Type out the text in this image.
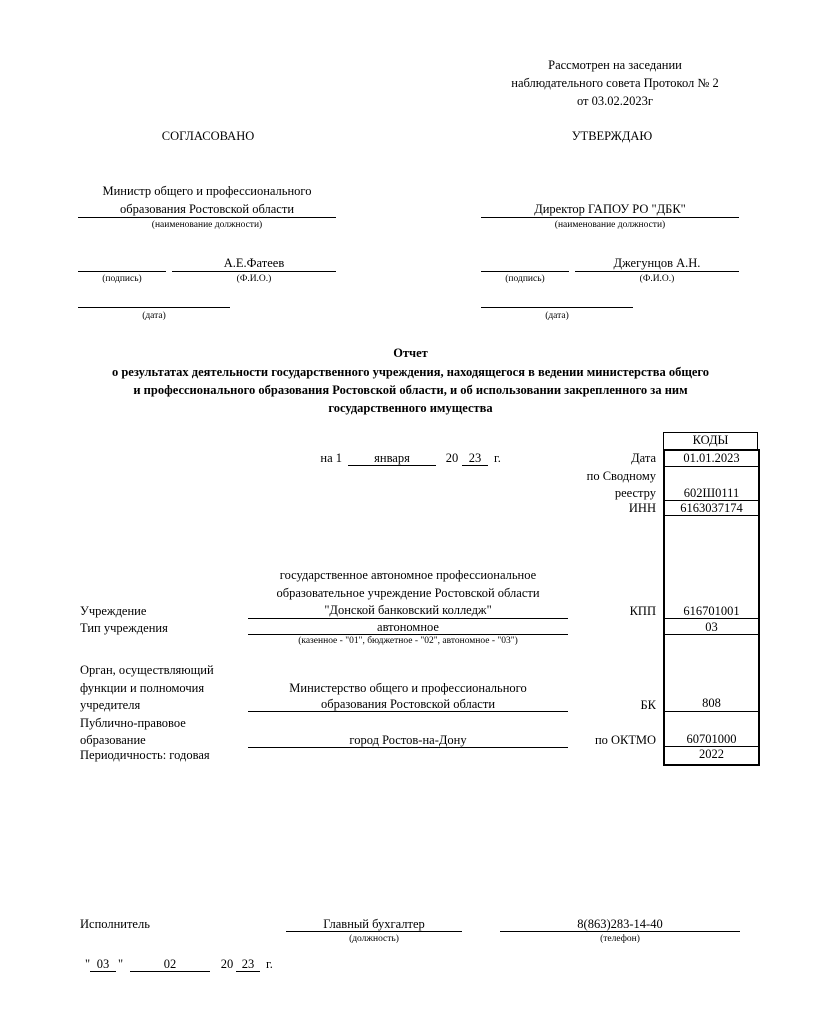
Рассмотрен на заседании
наблюдательного совета Протокол № 2
от 03.02.2023г
СОГЛАСОВАНО	УТВЕРЖДАЮ
Министр общего и профессионального
образования Ростовской области
(наименование должности)
А.Е.Фатеев
(подпись)	(Ф.И.О.)
(дата)
Директор ГАПОУ РО "ДБК"
(наименование должности)
Джегунцов А.Н.
(подпись)	(Ф.И.О.)
(дата)
Отчет
о результатах деятельности государственного учреждения, находящегося в ведении министерства общего
и профессионального образования Ростовской области, и об использовании закрепленного за ним
государственного имущества
на 1	января	20 23	г.
КОДЫ
Дата	01.01.2023
по Сводному
реестру	602Ш0111
ИНН	6163037174
государственное автономное профессиональное
образовательное учреждение Ростовской области
"Донской банковский колледж"
Учреждение	КПП	616701001
Тип учреждения	автономное
(казенное - "01", бюджетное - "02", автономное - "03")
03
Орган, осуществляющий
функции и полномочия
учредителя
Министерство общего и профессионального
образования Ростовской области	БК	808
Публично-правовое
образование	город Ростов-на-Дону	по ОКТМО	60701000
Периодичность: годовая	2022
Исполнитель	Главный бухгалтер
(должность)
8(863)283-14-40
(телефон)
" 03 "	02	20 23 г.
